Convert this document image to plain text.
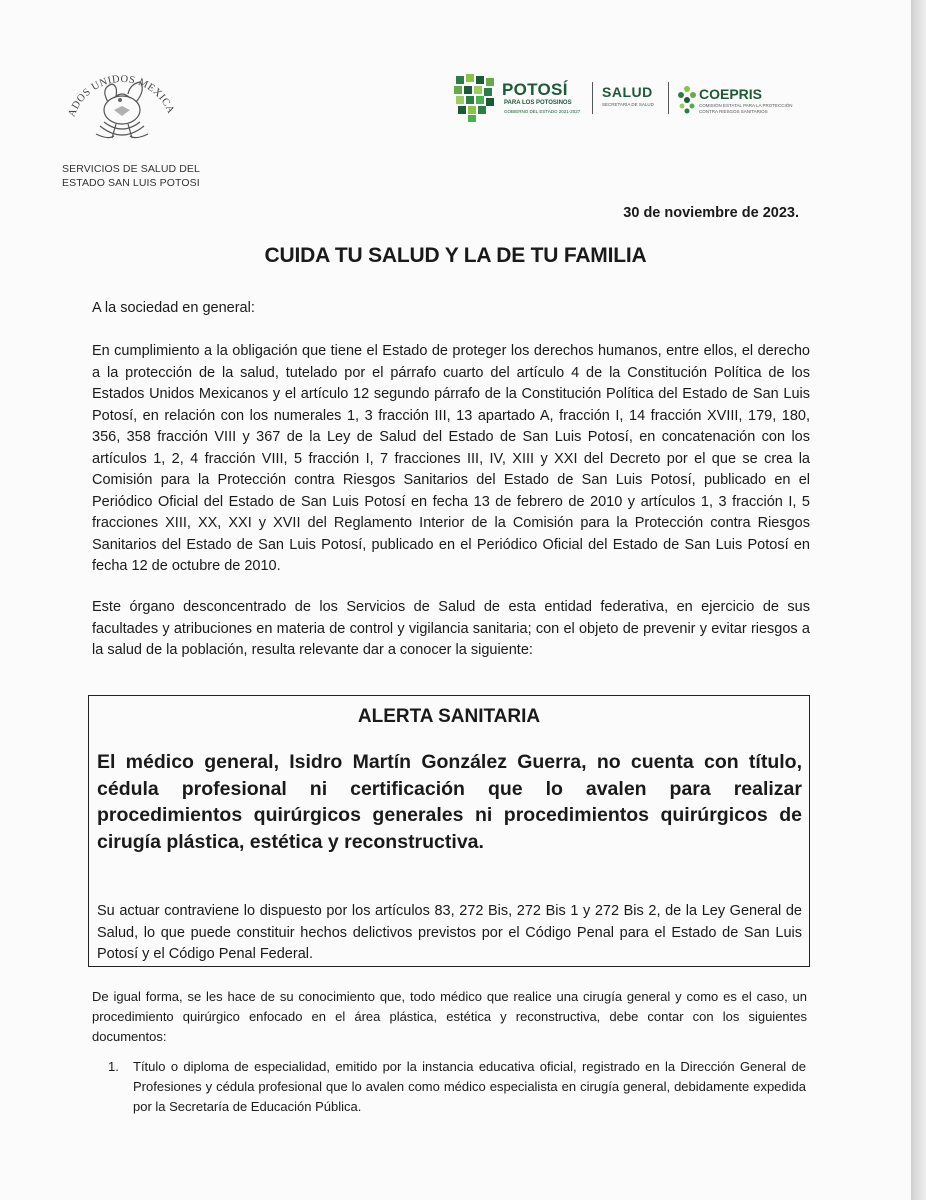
ADOS UNIDOS MEXICA
SERVICIOS DE SALUD DEL
ESTADO SAN LUIS POTOSI
POTOSÍ
PARA LOS POTOSINOS
GOBIERNO DEL ESTADO 2021-2027
SALUD
SECRETARÍA DE SALUD
COEPRIS
COMISIÓN ESTATAL PARA LA PROTECCIÓN
CONTRA RIESGOS SANITARIOS
30 de noviembre de 2023.
CUIDA TU SALUD Y LA DE TU FAMILIA
A la sociedad en general:
En cumplimiento a la obligación que tiene el Estado de proteger los derechos humanos, entre ellos, el derecho a la protección de la salud, tutelado por el párrafo cuarto del artículo 4 de la Constitución Política de los Estados Unidos Mexicanos y el artículo 12 segundo párrafo de la Constitución Política del Estado de San Luis Potosí, en relación con los numerales 1, 3 fracción III, 13 apartado A, fracción I, 14 fracción XVIII, 179, 180, 356, 358 fracción VIII y 367 de la Ley de Salud del Estado de San Luis Potosí, en concatenación con los artículos 1, 2, 4 fracción VIII, 5 fracción I, 7 fracciones III, IV, XIII y XXI del Decreto por el que se crea la Comisión para la Protección contra Riesgos Sanitarios del Estado de San Luis Potosí, publicado en el Periódico Oficial del Estado de San Luis Potosí en fecha 13 de febrero de 2010 y artículos 1, 3 fracción I, 5 fracciones XIII, XX, XXI y XVII del Reglamento Interior de la Comisión para la Protección contra Riesgos Sanitarios del Estado de San Luis Potosí, publicado en el Periódico Oficial del Estado de San Luis Potosí en fecha 12 de octubre de 2010.
Este órgano desconcentrado de los Servicios de Salud de esta entidad federativa, en ejercicio de sus facultades y atribuciones en materia de control y vigilancia sanitaria; con el objeto de prevenir y evitar riesgos a la salud de la población, resulta relevante dar a conocer la siguiente:
ALERTA SANITARIA
El médico general, Isidro Martín González Guerra, no cuenta con título, cédula profesional ni certificación que lo avalen para realizar procedimientos quirúrgicos generales ni procedimientos quirúrgicos de cirugía plástica, estética y reconstructiva.
Su actuar contraviene lo dispuesto por los artículos 83, 272 Bis, 272 Bis 1 y 272 Bis 2, de la Ley General de Salud, lo que puede constituir hechos delictivos previstos por el Código Penal para el Estado de San Luis Potosí y el Código Penal Federal.
De igual forma, se les hace de su conocimiento que, todo médico que realice una cirugía general y como es el caso, un procedimiento quirúrgico enfocado en el área plástica, estética y reconstructiva, debe contar con los siguientes documentos:
1. Título o diploma de especialidad, emitido por la instancia educativa oficial, registrado en la Dirección General de Profesiones y cédula profesional que lo avalen como médico especialista en cirugía general, debidamente expedida por la Secretaría de Educación Pública.
